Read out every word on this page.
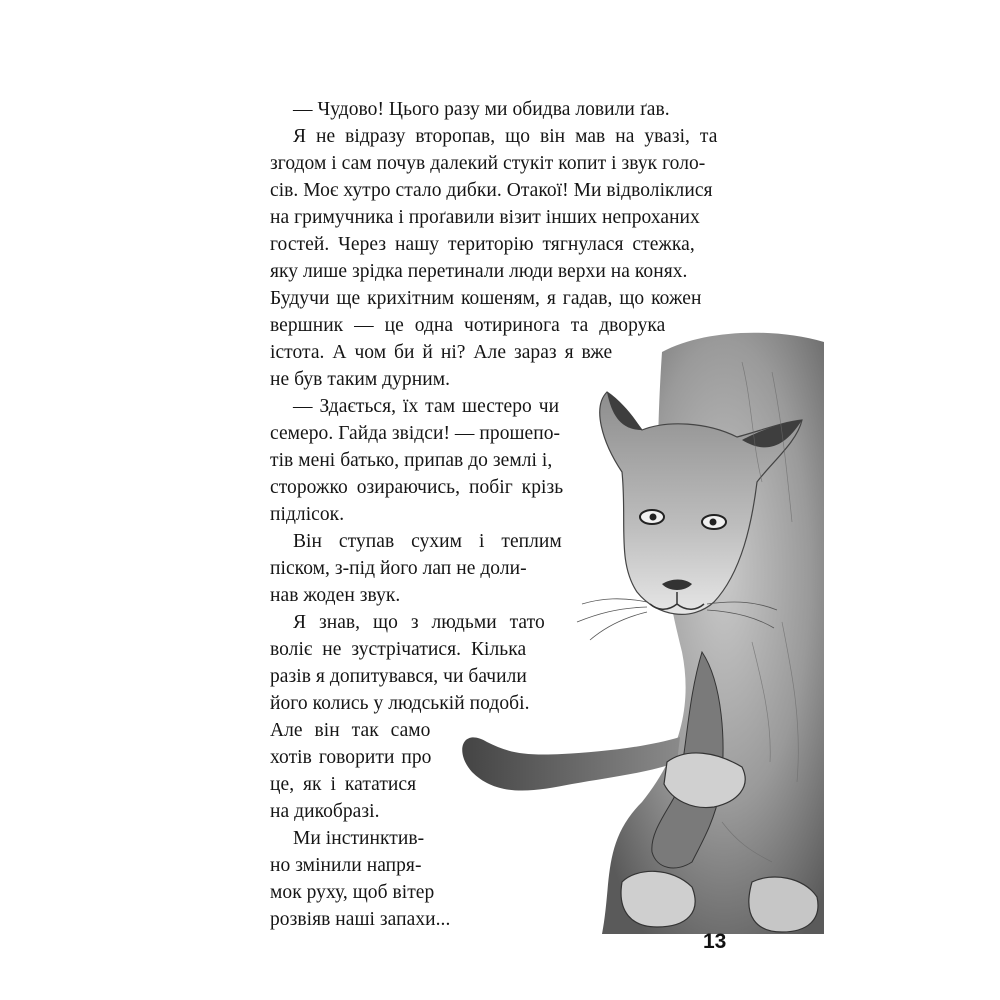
— Чудово! Цього разу ми обидва ловили ґав.
Я не відразу второпав, що він мав на увазі, та
згодом і сам почув далекий стукіт копит і звук голо-
сів. Моє хутро стало дибки. Отакої! Ми відволіклися
на гримучника і проґавили візит інших непроханих
гостей. Через нашу територію тягнулася стежка,
яку лише зрідка перетинали люди верхи на конях.
Будучи ще крихітним кошеням, я гадав, що кожен
вершник — це одна чотиринога та дворука
істота. А чом би й ні? Але зараз я вже
не був таким дурним.
— Здається, їх там шестеро чи
семеро. Гайда звідси! — прошепо-
тів мені батько, припав до землі і,
сторожко озираючись, побіг крізь
підлісок.
Він ступав сухим і теплим
піском, з-під його лап не доли-
нав жоден звук.
Я знав, що з людьми тато
воліє не зустрічатися. Кілька
разів я допитувався, чи бачили
його колись у людській подобі.
Але він так само
хотів говорити про
це, як і кататися
на дикобразі.
Ми інстинктив-
но змінили напря-
мок руху, щоб вітер
розвіяв наші запахи...
13
